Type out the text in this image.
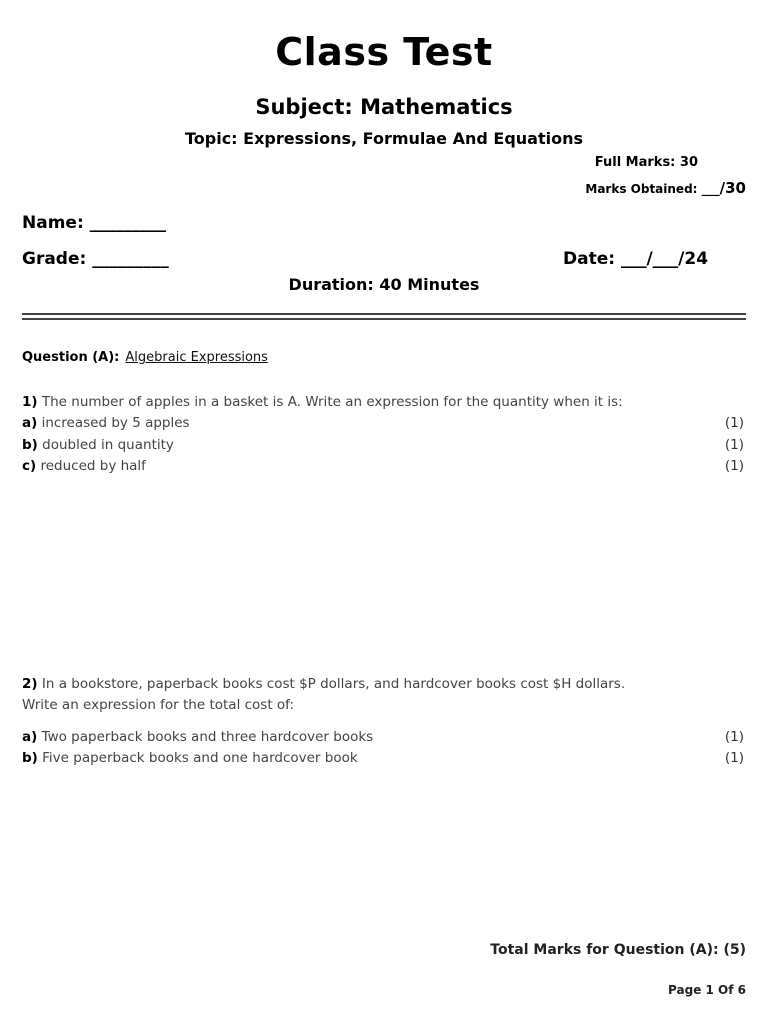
Class Test
Subject: Mathematics
Topic: Expressions, Formulae And Equations
Full Marks: 30
Marks Obtained: ___/30
Name: _________
Grade: _________	Date: ___/___/24
Duration: 40 Minutes
Question (A): Algebraic Expressions
1) The number of apples in a basket is A. Write an expression for the quantity when it is:
a) increased by 5 apples	(1)
b) doubled in quantity	(1)
c) reduced by half	(1)
2) In a bookstore, paperback books cost $P dollars, and hardcover books cost $H dollars.
Write an expression for the total cost of:
a) Two paperback books and three hardcover books	(1)
b) Five paperback books and one hardcover book	(1)
Total Marks for Question (A): (5)
Page 1 Of 6
